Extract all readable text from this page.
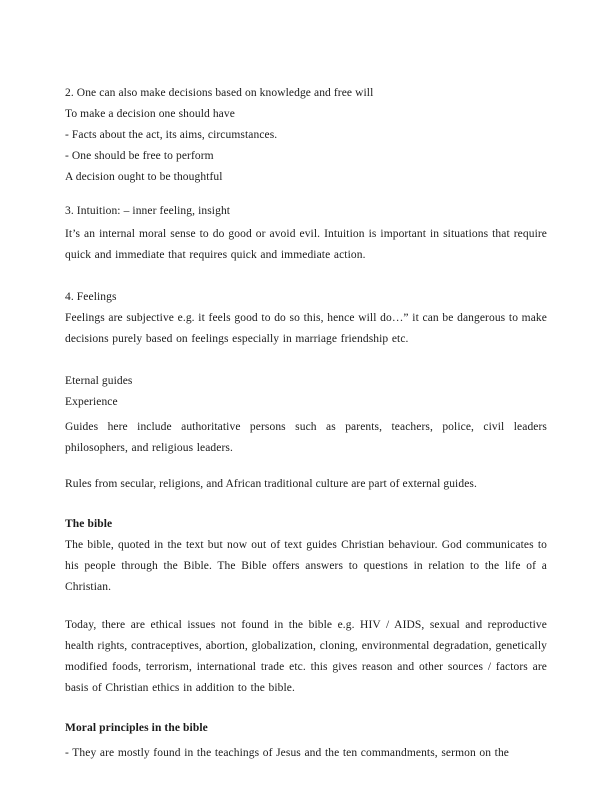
2. One can also make decisions based on knowledge and free will

To make a decision one should have

- Facts about the act, its aims, circumstances.

- One should be free to perform

A decision ought to be thoughtful

3. Intuition: – inner feeling, insight

It’s an internal moral sense to do good or avoid evil. Intuition is important in situations that require quick and immediate that requires quick and immediate action.

4. Feelings

Feelings are subjective e.g. it feels good to do so this, hence will do…” it can be dangerous to make decisions purely based on feelings especially in marriage friendship etc.

Eternal guides

Experience

Guides here include authoritative persons such as parents, teachers, police, civil leaders philosophers, and religious leaders.

Rules from secular, religions, and African traditional culture are part of external guides.

The bible

The bible, quoted in the text but now out of text guides Christian behaviour. God communicates to his people through the Bible. The Bible offers answers to questions in relation to the life of a Christian.

Today, there are ethical issues not found in the bible e.g. HIV / AIDS, sexual and reproductive health rights, contraceptives, abortion, globalization, cloning, environmental degradation, genetically modified foods, terrorism, international trade etc. this gives reason and other sources / factors are basis of Christian ethics in addition to the bible.

Moral principles in the bible

- They are mostly found in the teachings of Jesus and the ten commandments, sermon on the
